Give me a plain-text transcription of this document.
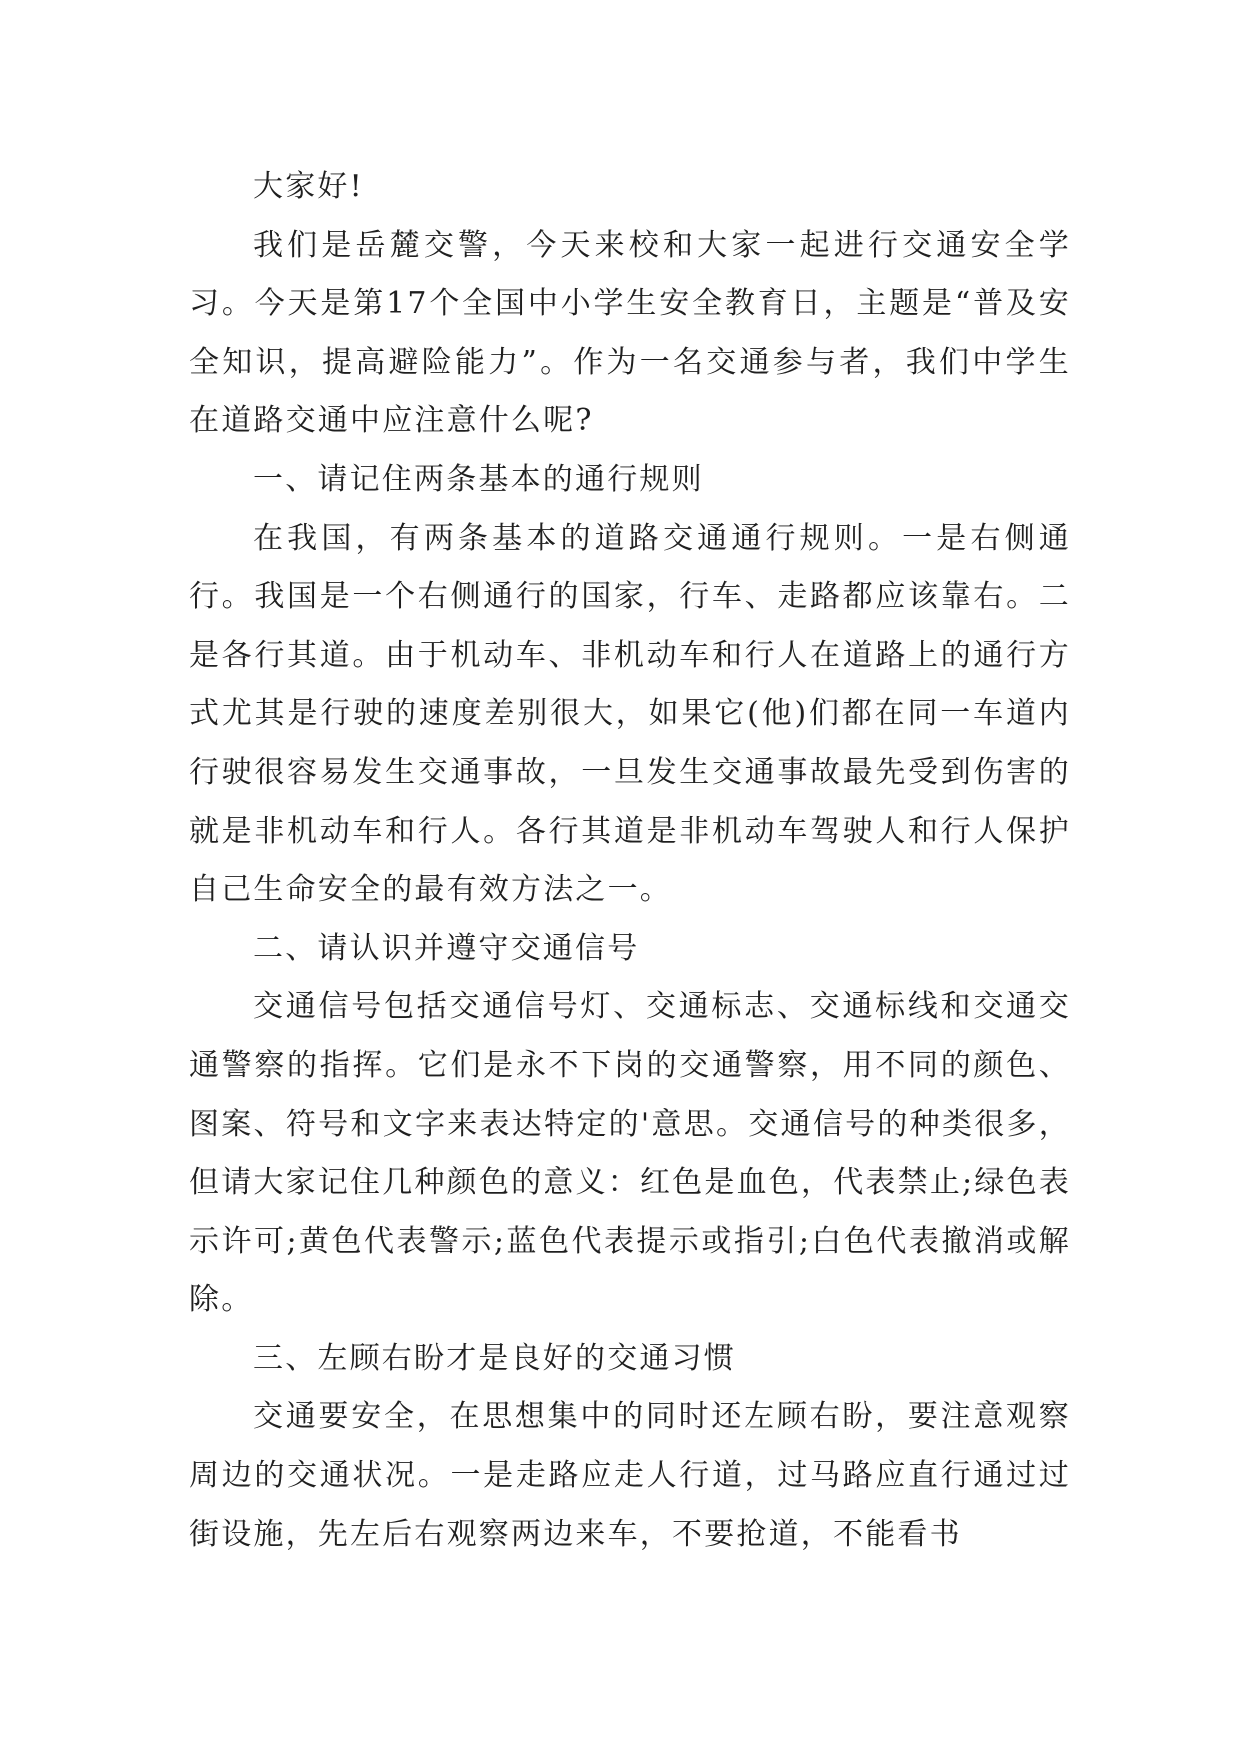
大家好!

我们是岳麓交警，今天来校和大家一起进行交通安全学习。今天是第17个全国中小学生安全教育日，主题是“普及安全知识，提高避险能力”。作为一名交通参与者，我们中学生在道路交通中应注意什么呢?

一、请记住两条基本的通行规则

在我国，有两条基本的道路交通通行规则。一是右侧通行。我国是一个右侧通行的国家，行车、走路都应该靠右。二是各行其道。由于机动车、非机动车和行人在道路上的通行方式尤其是行驶的速度差别很大，如果它(他)们都在同一车道内行驶很容易发生交通事故，一旦发生交通事故最先受到伤害的就是非机动车和行人。各行其道是非机动车驾驶人和行人保护自己生命安全的最有效方法之一。

二、请认识并遵守交通信号

交通信号包括交通信号灯、交通标志、交通标线和交通交通警察的指挥。它们是永不下岗的交通警察，用不同的颜色、图案、符号和文字来表达特定的'意思。交通信号的种类很多，但请大家记住几种颜色的意义：红色是血色，代表禁止;绿色表示许可;黄色代表警示;蓝色代表提示或指引;白色代表撤消或解除。

三、左顾右盼才是良好的交通习惯

交通要安全，在思想集中的同时还左顾右盼，要注意观察周边的交通状况。一是走路应走人行道，过马路应直行通过过街设施，先左后右观察两边来车，不要抢道，不能看书
